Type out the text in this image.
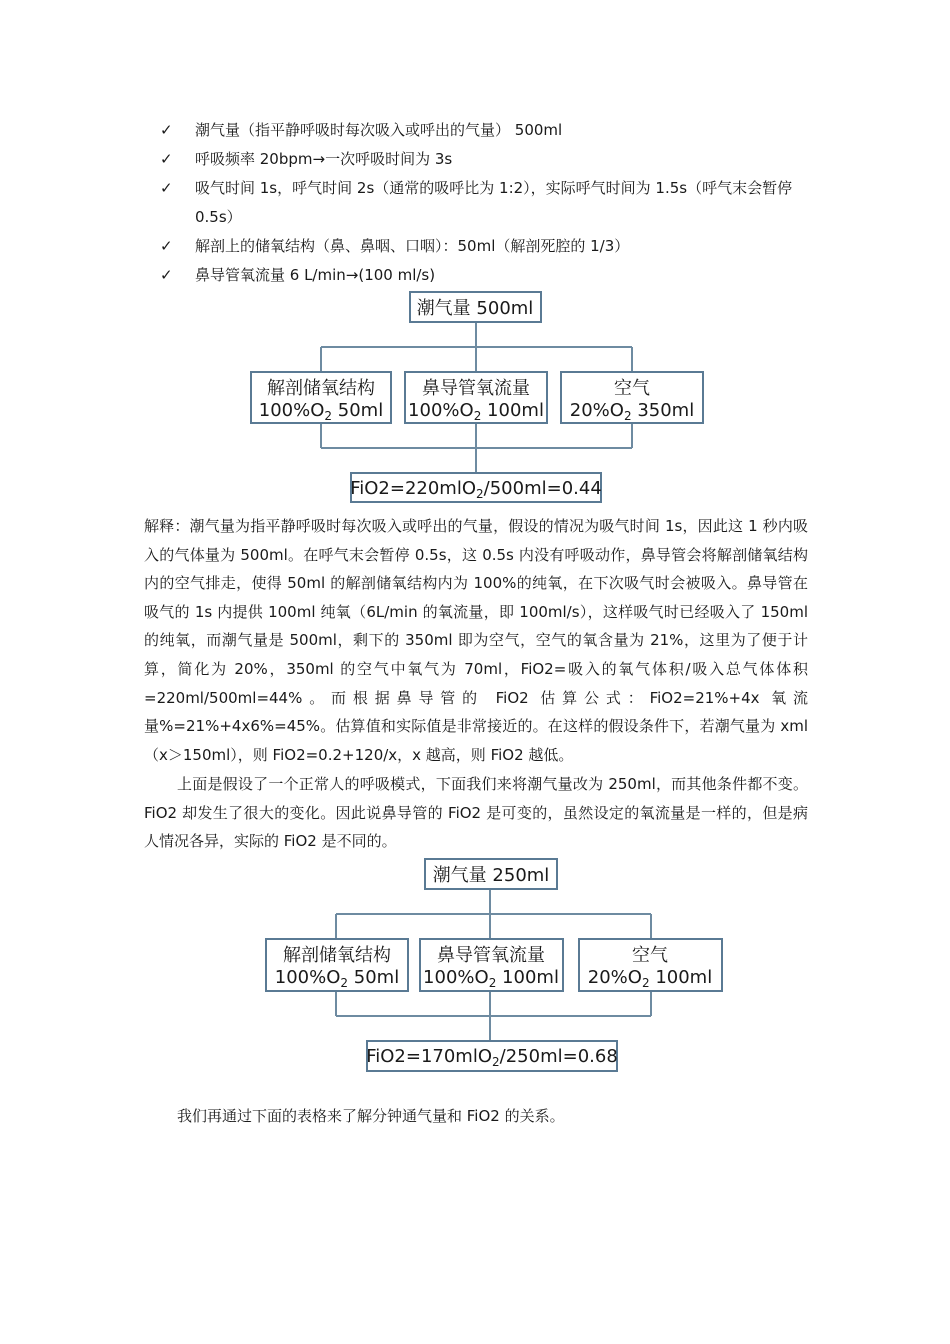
✓ 潮气量（指平静呼吸时每次吸入或呼出的气量） 500ml
✓ 呼吸频率 20bpm→一次呼吸时间为 3s
✓ 吸气时间 1s，呼气时间 2s（通常的吸呼比为 1:2），实际呼气时间为 1.5s（呼气末会暂停 0.5s）
✓ 解剖上的储氧结构（鼻、鼻咽、口咽）：50ml（解剖死腔的 1/3）
✓ 鼻导管氧流量 6 L/min→(100 ml/s)
潮气量 500ml
解剖储氧结构
$100\%O_2$ 50ml
鼻导管氧流量
$100\%O_2$ 100ml
空气
$20\%O_2$ 350ml
FiO2=220mlO$_2$/500ml=0.44

解释：潮气量为指平静呼吸时每次吸入或呼出的气量，假设的情况为吸气时间 1s，因此这 1 秒内吸入的气体量为 500ml。在呼气末会暂停 0.5s，这 0.5s 内没有呼吸动作，鼻导管会将解剖储氧结构内的空气排走，使得 50ml 的解剖储氧结构内为 100%的纯氧，在下次吸气时会被吸入。鼻导管在吸气的 1s 内提供 100ml 纯氧（6L/min 的氧流量，即 100ml/s），这样吸气时已经吸入了 150ml 的纯氧，而潮气量是 500ml，剩下的 350ml 即为空气，空气的氧含量为 21%，这里为了便于计算，简化为 20%，350ml 的空气中氧气为 70ml，FiO2=吸入的氧气体积/吸入总气体体积=220ml/500ml=44%。而根据鼻导管的 FiO2 估算公式：FiO2=21%+4x 氧流量%=21%+4x6%=45%。估算值和实际值是非常接近的。在这样的假设条件下，若潮气量为 xml（x＞150ml），则 FiO2=0.2+120/x，x 越高，则 FiO2 越低。

上面是假设了一个正常人的呼吸模式，下面我们来将潮气量改为 250ml，而其他条件都不变。FiO2 却发生了很大的变化。因此说鼻导管的 FiO2 是可变的，虽然设定的氧流量是一样的，但是病人情况各异，实际的 FiO2 是不同的。

潮气量 250ml
解剖储氧结构
$100\%O_2$ 50ml
鼻导管氧流量
$100\%O_2$ 100ml
空气
$20\%O_2$ 100ml
FiO2=170mlO$_2$/250ml=0.68

我们再通过下面的表格来了解分钟通气量和 FiO2 的关系。
